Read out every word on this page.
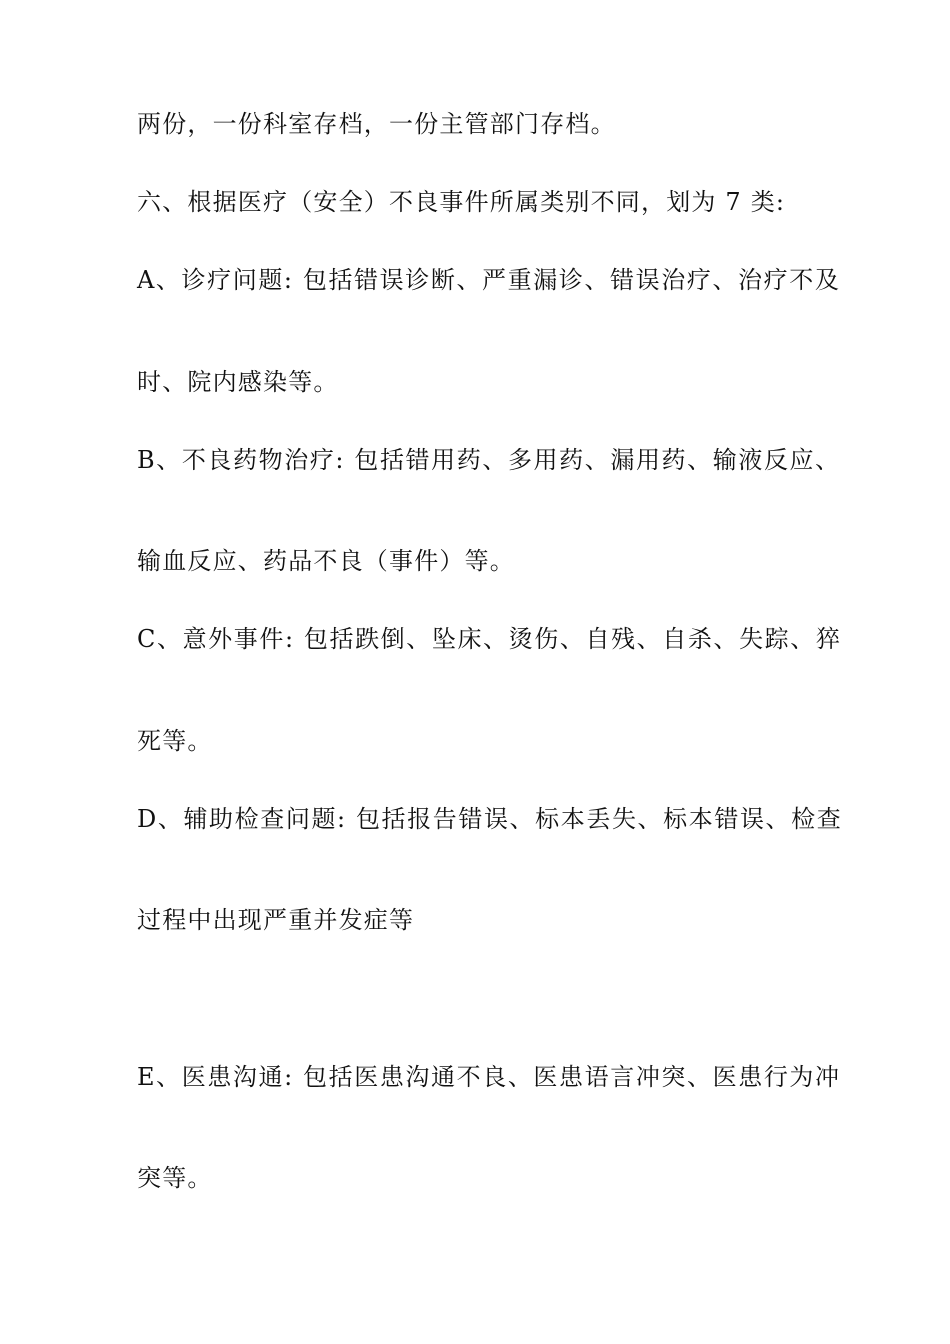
两份，一份科室存档，一份主管部门存档。
六、根据医疗（安全）不良事件所属类别不同，划为 7 类:
A、诊疗问题: 包括错误诊断、严重漏诊、错误治疗、治疗不及
时、院内感染等。
B、不良药物治疗: 包括错用药、多用药、漏用药、输液反应、
输血反应、药品不良（事件）等。
C、意外事件: 包括跌倒、坠床、烫伤、自残、自杀、失踪、猝
死等。
D、辅助检查问题: 包括报告错误、标本丢失、标本错误、检查
过程中出现严重并发症等
E、医患沟通: 包括医患沟通不良、医患语言冲突、医患行为冲
突等。
